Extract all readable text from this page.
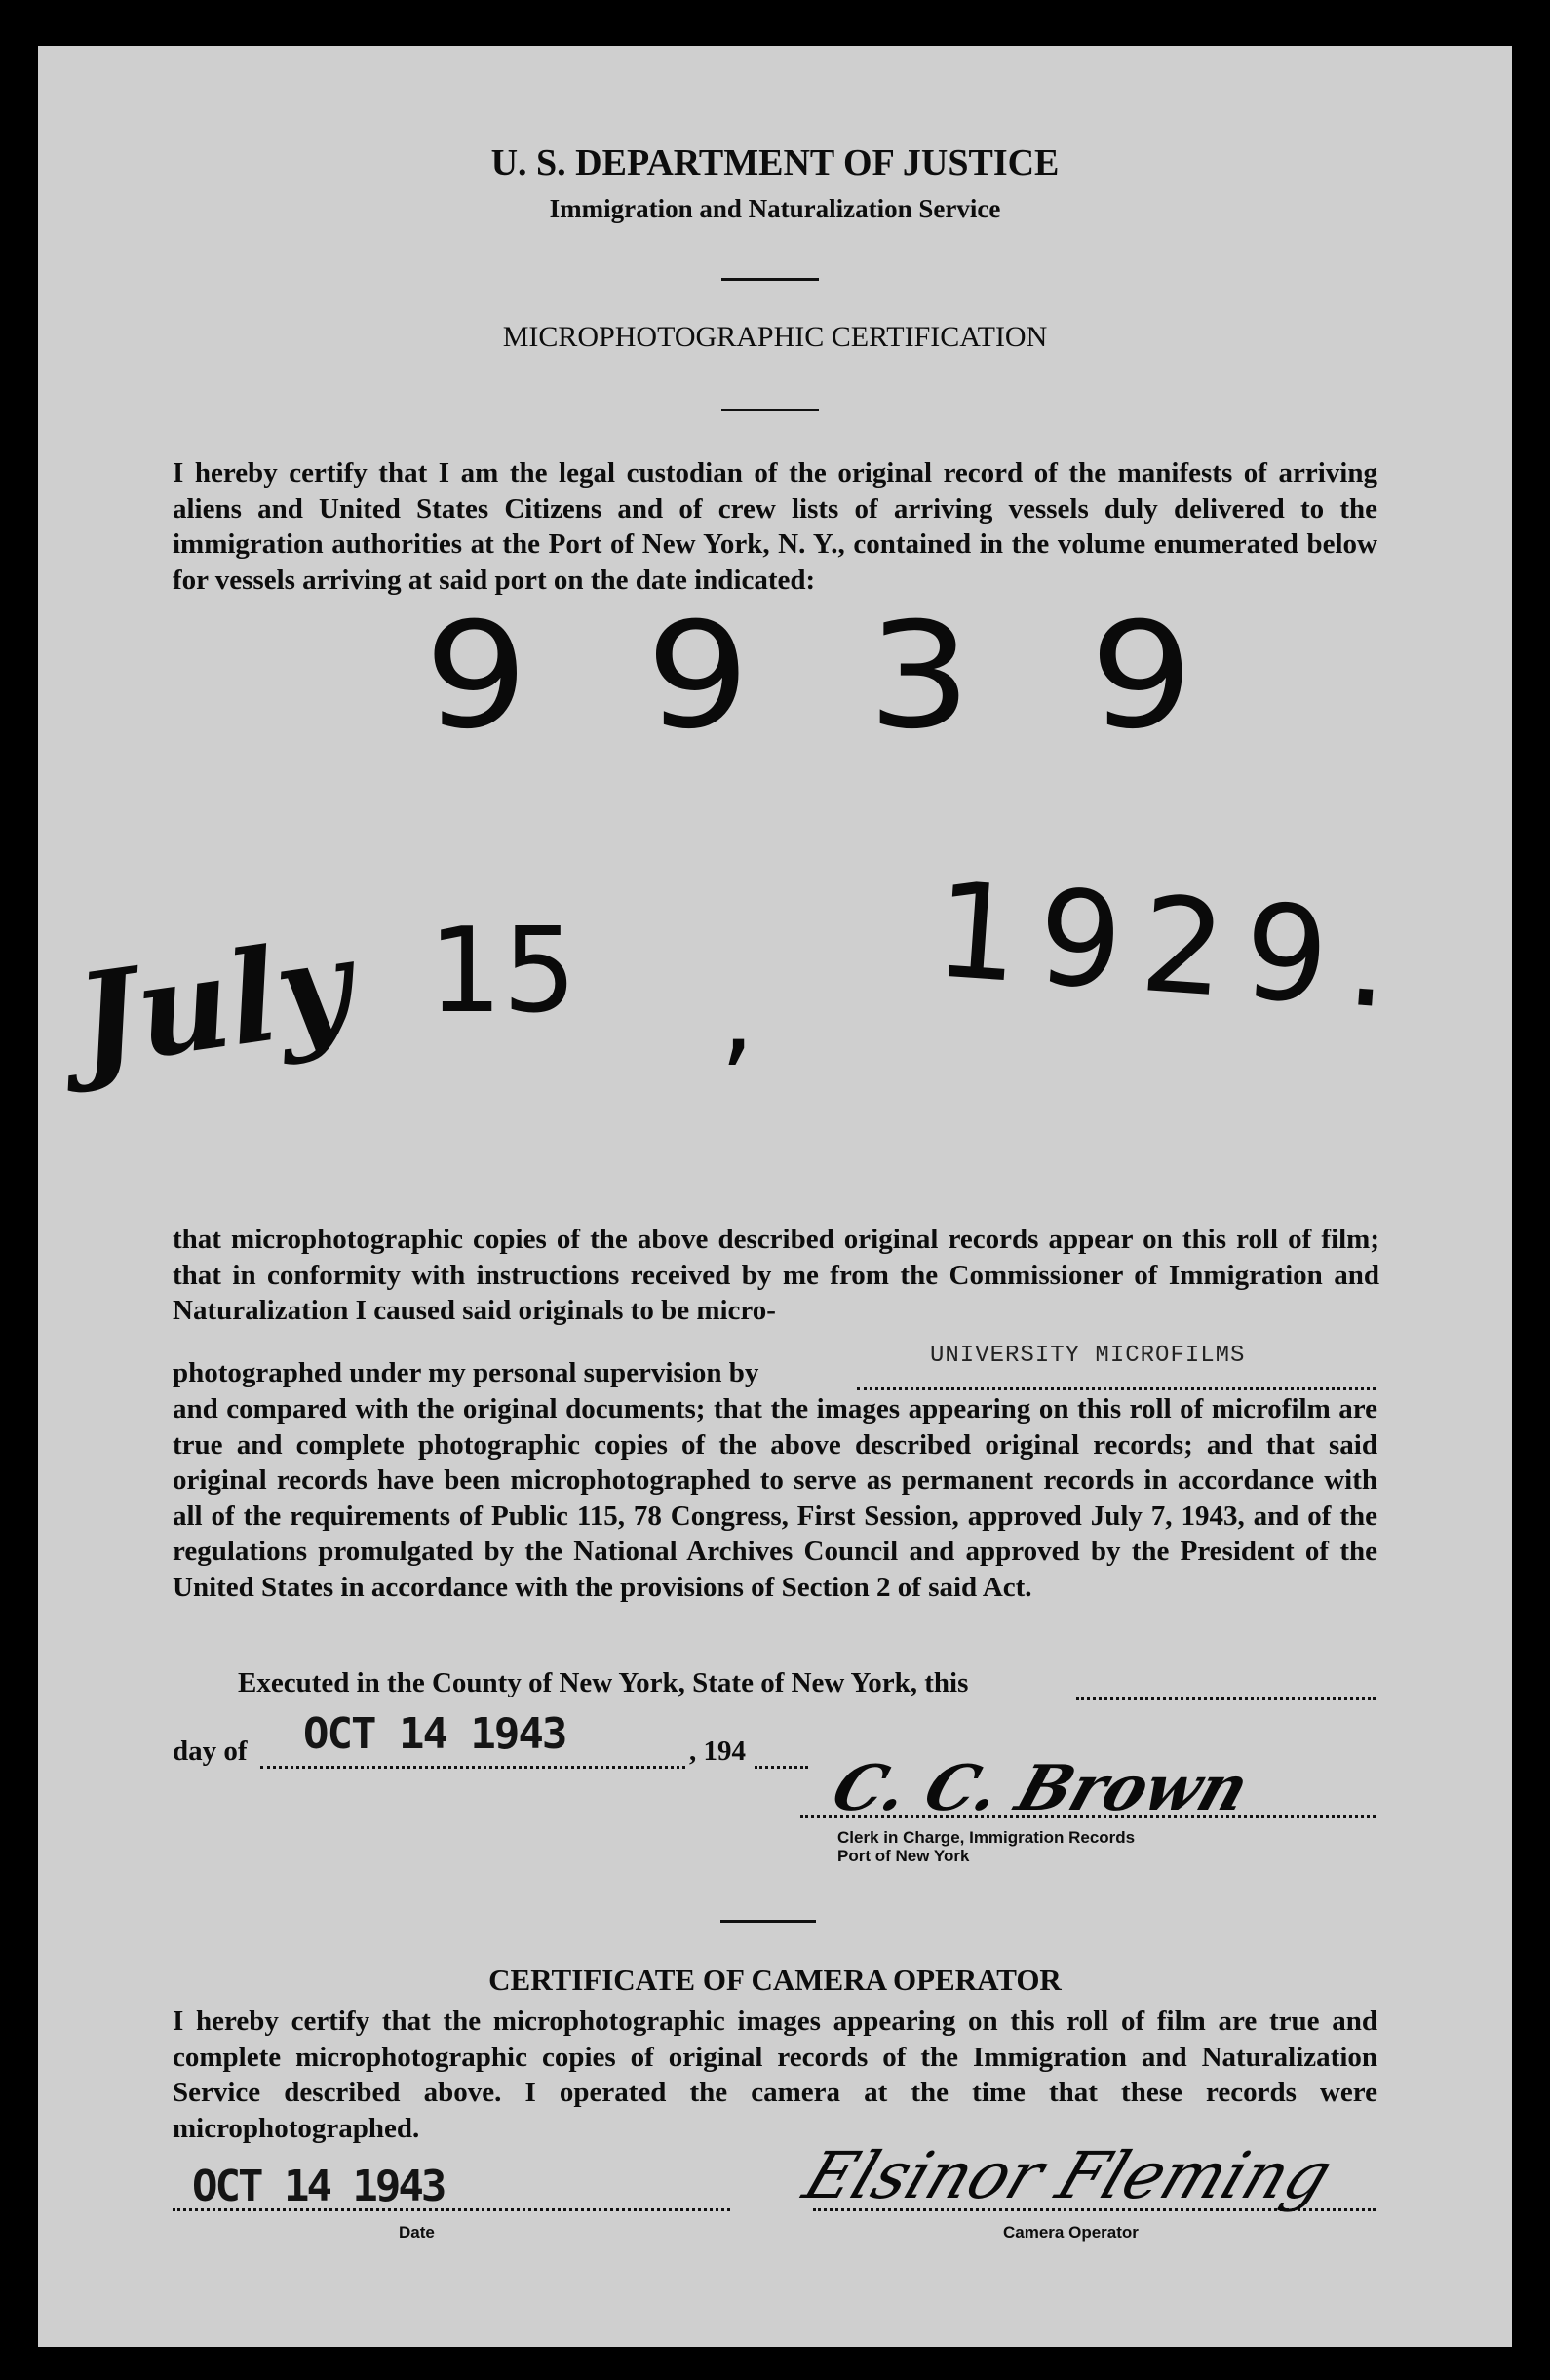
U. S. DEPARTMENT OF JUSTICE
Immigration and Naturalization Service
MICROPHOTOGRAPHIC CERTIFICATION
I hereby certify that I am the legal custodian of the original record of the manifests of arriving aliens and United States Citizens and of crew lists of arriving vessels duly delivered to the immigration authorities at the Port of New York, N. Y., contained in the volume enumerated below for vessels arriving at said port on the date indicated:
9 9 3 9
July 15 , 1929.
that microphotographic copies of the above described original records appear on this roll of film; that in conformity with instructions received by me from the Commissioner of Immigration and Naturalization I caused said originals to be micro-
photographed under my personal supervision by
UNIVERSITY MICROFILMS
and compared with the original documents; that the images appearing on this roll of microfilm are true and complete photographic copies of the above described original records; and that said original records have been microphotographed to serve as permanent records in accordance with all of the requirements of Public 115, 78 Congress, First Session, approved July 7, 1943, and of the regulations promulgated by the National Archives Council and approved by the President of the United States in accordance with the provisions of Section 2 of said Act.
Executed in the County of New York, State of New York, this
day of OCT 14 1943	, 194
C. C. Brown
Clerk in Charge, Immigration Records
Port of New York
CERTIFICATE OF CAMERA OPERATOR
I hereby certify that the microphotographic images appearing on this roll of film are true and complete microphotographic copies of original records of the Immigration and Naturalization Service described above. I operated the camera at the time that these records were microphotographed.
OCT 14 1943
Date
Elsinor Fleming
Camera Operator
